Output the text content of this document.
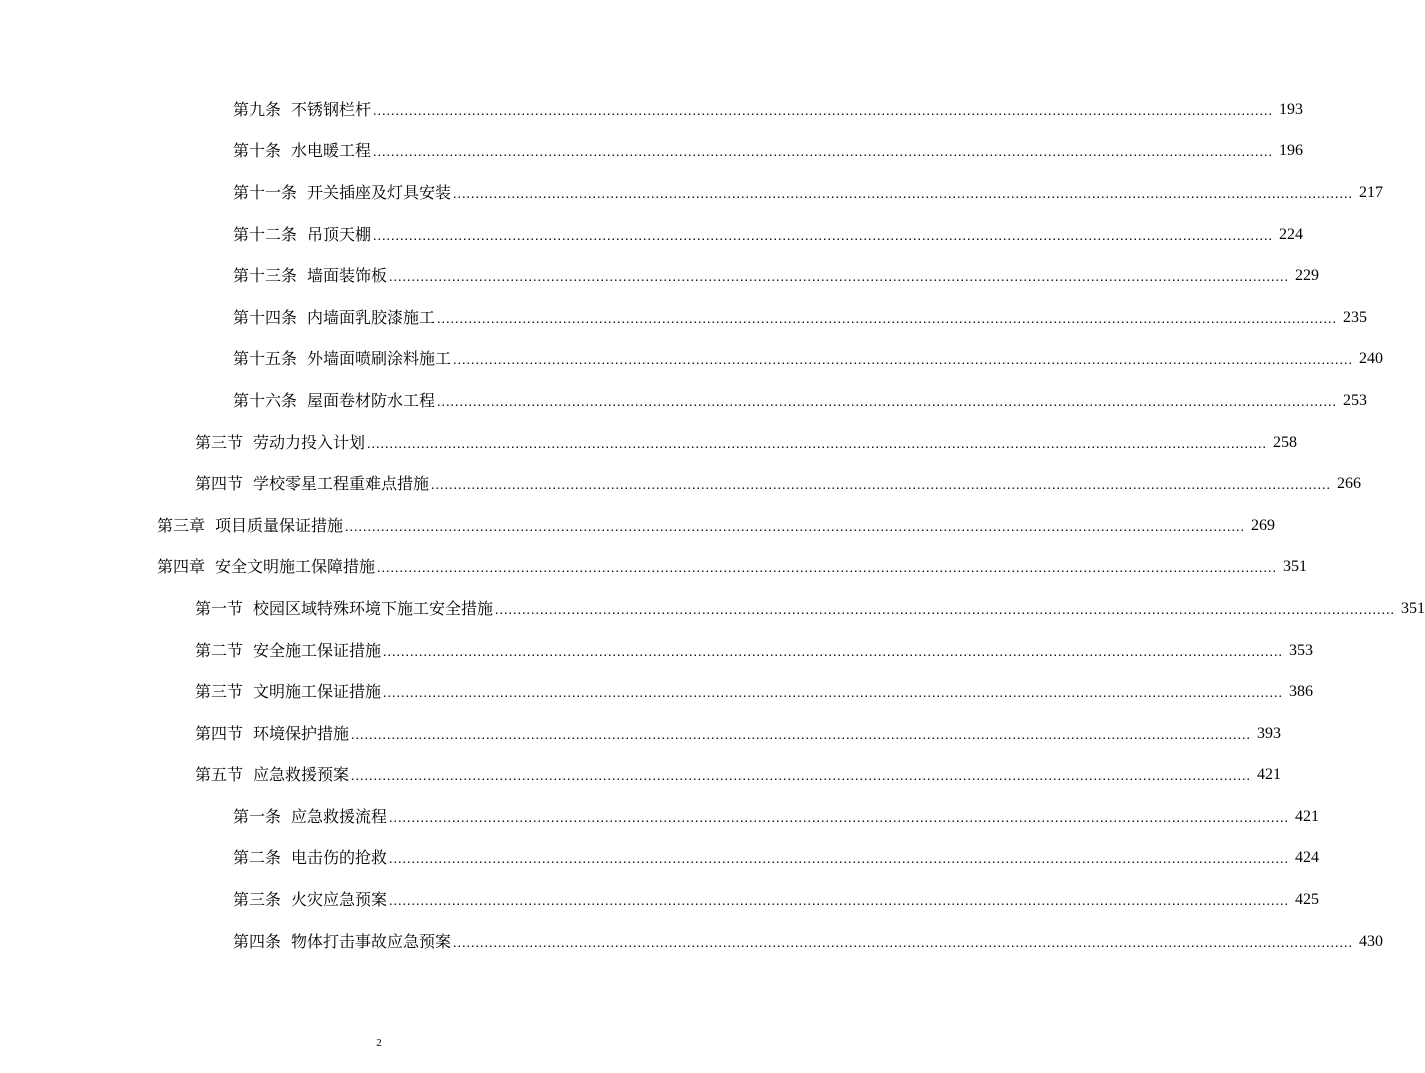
第九条 不锈钢栏杆 ........................................................................................................................................................................................................ 193
第十条 水电暖工程 ........................................................................................................................................................................................................ 196
第十一条 开关插座及灯具安装 ........................................................................................................................................................................................................ 217
第十二条 吊顶天棚 ........................................................................................................................................................................................................ 224
第十三条 墙面装饰板 ........................................................................................................................................................................................................ 229
第十四条 内墙面乳胶漆施工 ........................................................................................................................................................................................................ 235
第十五条 外墙面喷刷涂料施工 ........................................................................................................................................................................................................ 240
第十六条 屋面卷材防水工程 ........................................................................................................................................................................................................ 253
第三节 劳动力投入计划 ........................................................................................................................................................................................................ 258
第四节 学校零星工程重难点措施 ........................................................................................................................................................................................................ 266
第三章 项目质量保证措施 ........................................................................................................................................................................................................ 269
第四章 安全文明施工保障措施 ........................................................................................................................................................................................................ 351
第一节 校园区域特殊环境下施工安全措施 ........................................................................................................................................................................................................ 351
第二节 安全施工保证措施 ........................................................................................................................................................................................................ 353
第三节 文明施工保证措施 ........................................................................................................................................................................................................ 386
第四节 环境保护措施 ........................................................................................................................................................................................................ 393
第五节 应急救援预案 ........................................................................................................................................................................................................ 421
第一条 应急救援流程 ........................................................................................................................................................................................................ 421
第二条 电击伤的抢救 ........................................................................................................................................................................................................ 424
第三条 火灾应急预案 ........................................................................................................................................................................................................ 425
第四条 物体打击事故应急预案 ........................................................................................................................................................................................................ 430
2
